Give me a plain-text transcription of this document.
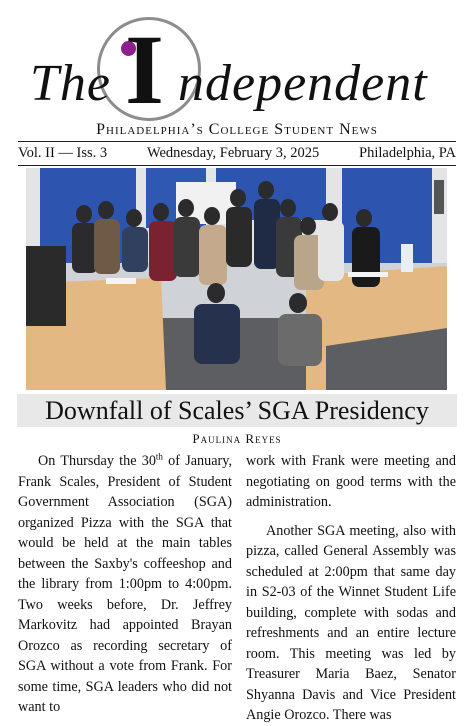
The I ndependent
Philadelphia’s College Student News
Vol. II — Iss. 3	Wednesday, February 3, 2025	Philadelphia, PA
Downfall of Scales’ SGA Presidency
Paulina Reyes

On Thursday the 30th of January, Frank Scales, President of Student Government Association (SGA) organized Pizza with the SGA that would be held at the main tables between the Saxby's coffeeshop and the library from 1:00pm to 4:00pm. Two weeks before, Dr. Jeffrey Markovitz had appointed Brayan Orozco as recording secretary of SGA without a vote from Frank. For some time, SGA leaders who did not want to

work with Frank were meeting and negotiating on good terms with the administration.

Another SGA meeting, also with pizza, called General Assembly was scheduled at 2:00pm that same day in S2-03 of the Winnet Student Life building, complete with sodas and refreshments and an entire lecture room. This meeting was led by Treasurer Maria Baez, Senator Shyanna Davis and Vice President Angie Orozco. There was
